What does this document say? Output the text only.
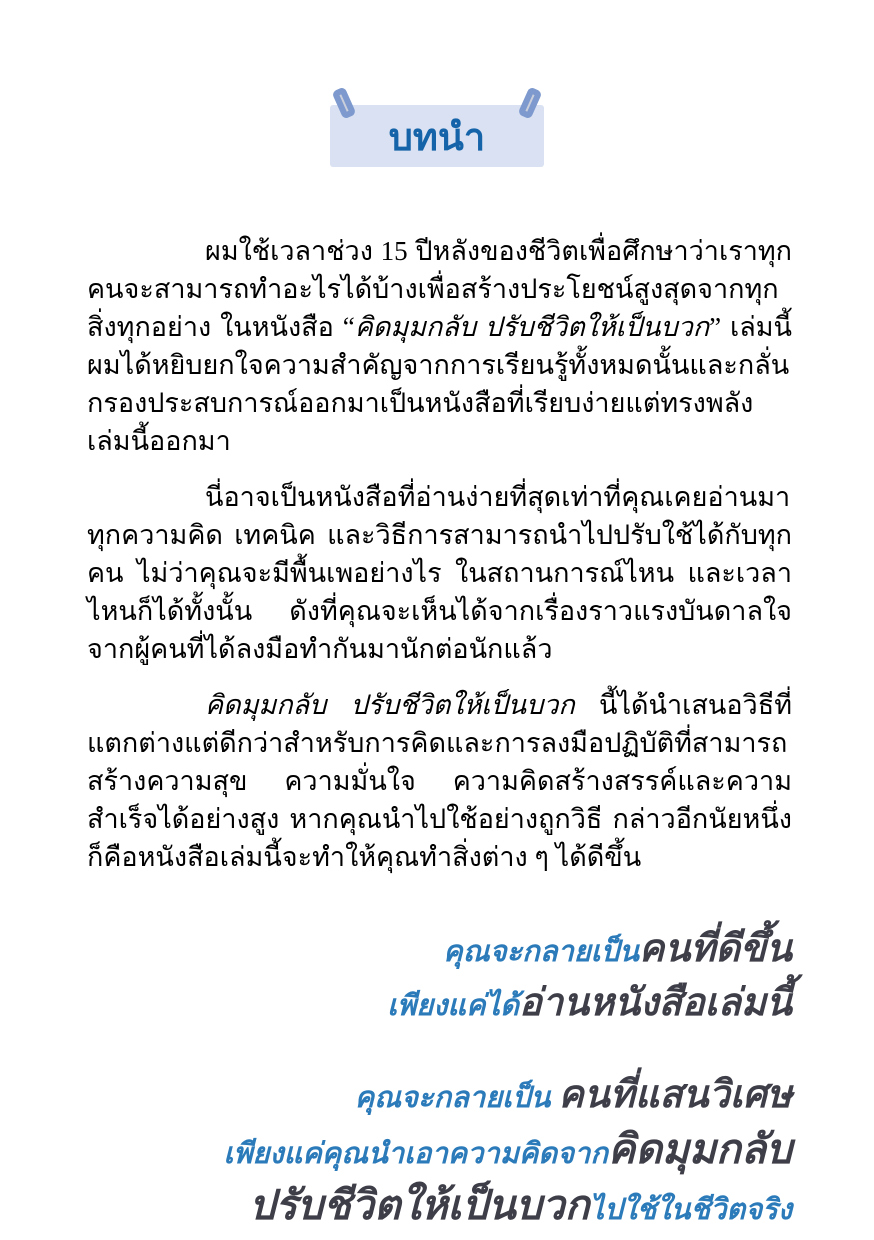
บทนำ

ผมใช้เวลาช่วง 15 ปีหลังของชีวิตเพื่อศึกษาว่าเราทุกคนจะสามารถทำอะไรได้บ้างเพื่อสร้างประโยชน์สูงสุดจากทุกสิ่งทุกอย่าง ในหนังสือ “คิดมุมกลับ ปรับชีวิตให้เป็นบวก” เล่มนี้ ผมได้หยิบยกใจความสำคัญจากการเรียนรู้ทั้งหมดนั้นและกลั่นกรองประสบการณ์ออกมาเป็นหนังสือที่เรียบง่ายแต่ทรงพลังเล่มนี้ออกมา

นี่อาจเป็นหนังสือที่อ่านง่ายที่สุดเท่าที่คุณเคยอ่านมา ทุกความคิด เทคนิค และวิธีการสามารถนำไปปรับใช้ได้กับทุกคน ไม่ว่าคุณจะมีพื้นเพอย่างไร ในสถานการณ์ไหน และเวลาไหนก็ได้ทั้งนั้น ดังที่คุณจะเห็นได้จากเรื่องราวแรงบันดาลใจจากผู้คนที่ได้ลงมือทำกันมานักต่อนักแล้ว

คิดมุมกลับ ปรับชีวิตให้เป็นบวก นี้ได้นำเสนอวิธีที่แตกต่างแต่ดีกว่าสำหรับการคิดและการลงมือปฏิบัติที่สามารถสร้างความสุข ความมั่นใจ ความคิดสร้างสรรค์และความสำเร็จได้อย่างสูง หากคุณนำไปใช้อย่างถูกวิธี กล่าวอีกนัยหนึ่งก็คือหนังสือเล่มนี้จะทำให้คุณทำสิ่งต่าง ๆ ได้ดีขึ้น

คุณจะกลายเป็นคนที่ดีขึ้น
เพียงแค่ได้อ่านหนังสือเล่มนี้
คุณจะกลายเป็น คนที่แสนวิเศษ
เพียงแค่คุณนำเอาความคิดจากคิดมุมกลับ
ปรับชีวิตให้เป็นบวกไปใช้ในชีวิตจริง
